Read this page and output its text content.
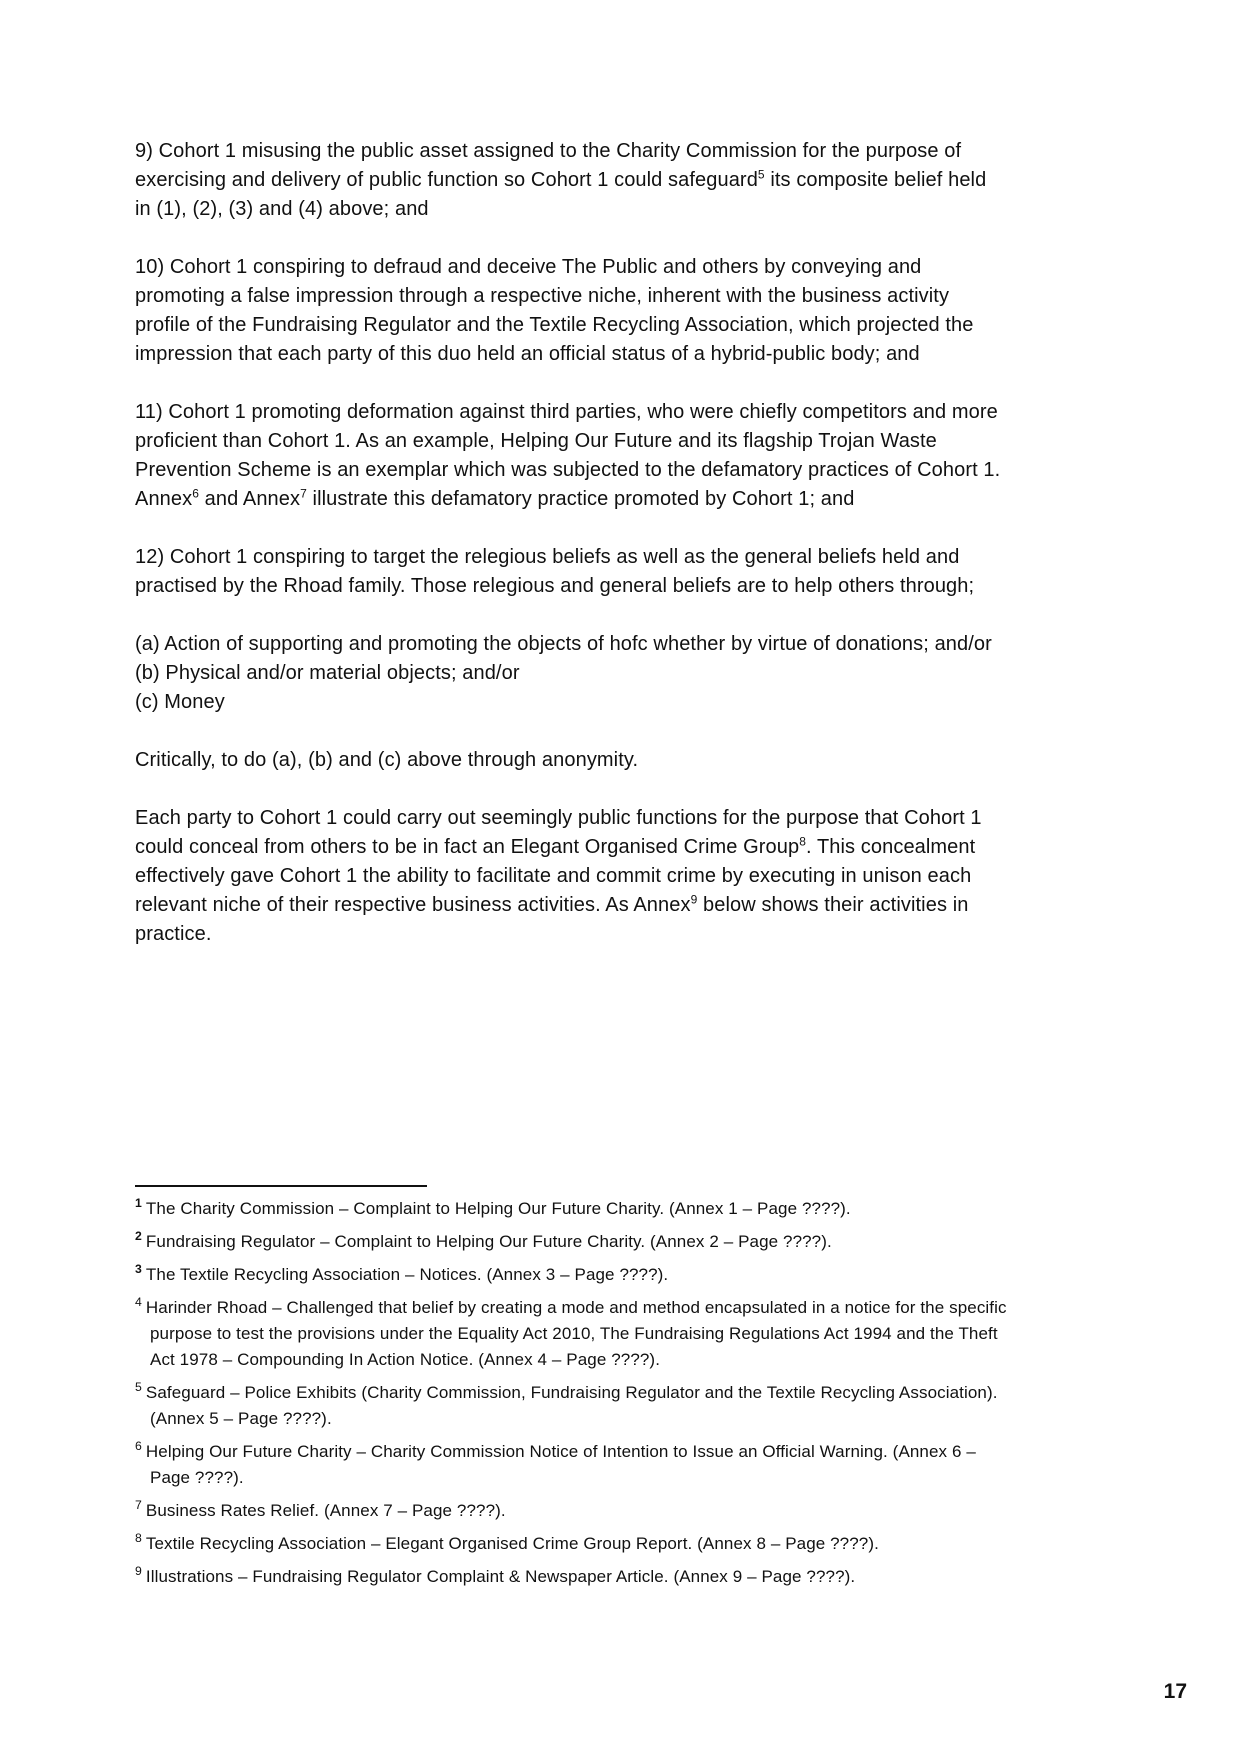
9) Cohort 1 misusing the public asset assigned to the Charity Commission for the purpose of exercising and delivery of public function so Cohort 1 could safeguard$^5$ its composite belief held in (1), (2), (3) and (4) above; and

10) Cohort 1 conspiring to defraud and deceive The Public and others by conveying and promoting a false impression through a respective niche, inherent with the business activity profile of the Fundraising Regulator and the Textile Recycling Association, which projected the impression that each party of this duo held an official status of a hybrid-public body; and

11) Cohort 1 promoting deformation against third parties, who were chiefly competitors and more proficient than Cohort 1. As an example, Helping Our Future and its flagship Trojan Waste Prevention Scheme is an exemplar which was subjected to the defamatory practices of Cohort 1. Annex$^6$ and Annex$^7$ illustrate this defamatory practice promoted by Cohort 1; and

12) Cohort 1 conspiring to target the relegious beliefs as well as the general beliefs held and practised by the Rhoad family. Those relegious and general beliefs are to help others through;

(a) Action of supporting and promoting the objects of hofc whether by virtue of donations; and/or
(b) Physical and/or material objects; and/or
(c) Money

Critically, to do (a), (b) and (c) above through anonymity.

Each party to Cohort 1 could carry out seemingly public functions for the purpose that Cohort 1 could conceal from others to be in fact an Elegant Organised Crime Group$^8$. This concealment effectively gave Cohort 1 the ability to facilitate and commit crime by executing in unison each relevant niche of their respective business activities. As Annex$^9$ below shows their activities in practice.

$^1$ The Charity Commission – Complaint to Helping Our Future Charity. (Annex 1 – Page ????).
$^2$ Fundraising Regulator – Complaint to Helping Our Future Charity. (Annex 2 – Page ????).
$^3$ The Textile Recycling Association – Notices. (Annex 3 – Page ????).
$^4$ Harinder Rhoad – Challenged that belief by creating a mode and method encapsulated in a notice for the specific purpose to test the provisions under the Equality Act 2010, The Fundraising Regulations Act 1994 and the Theft Act 1978 – Compounding In Action Notice. (Annex 4 – Page ????).
$^5$ Safeguard – Police Exhibits (Charity Commission, Fundraising Regulator and the Textile Recycling Association). (Annex 5 – Page ????).
$^6$ Helping Our Future Charity – Charity Commission Notice of Intention to Issue an Official Warning. (Annex 6 – Page ????).
$^7$ Business Rates Relief. (Annex 7 – Page ????).
$^8$ Textile Recycling Association – Elegant Organised Crime Group Report. (Annex 8 – Page ????).
$^9$ Illustrations – Fundraising Regulator Complaint & Newspaper Article. (Annex 9 – Page ????).
17
